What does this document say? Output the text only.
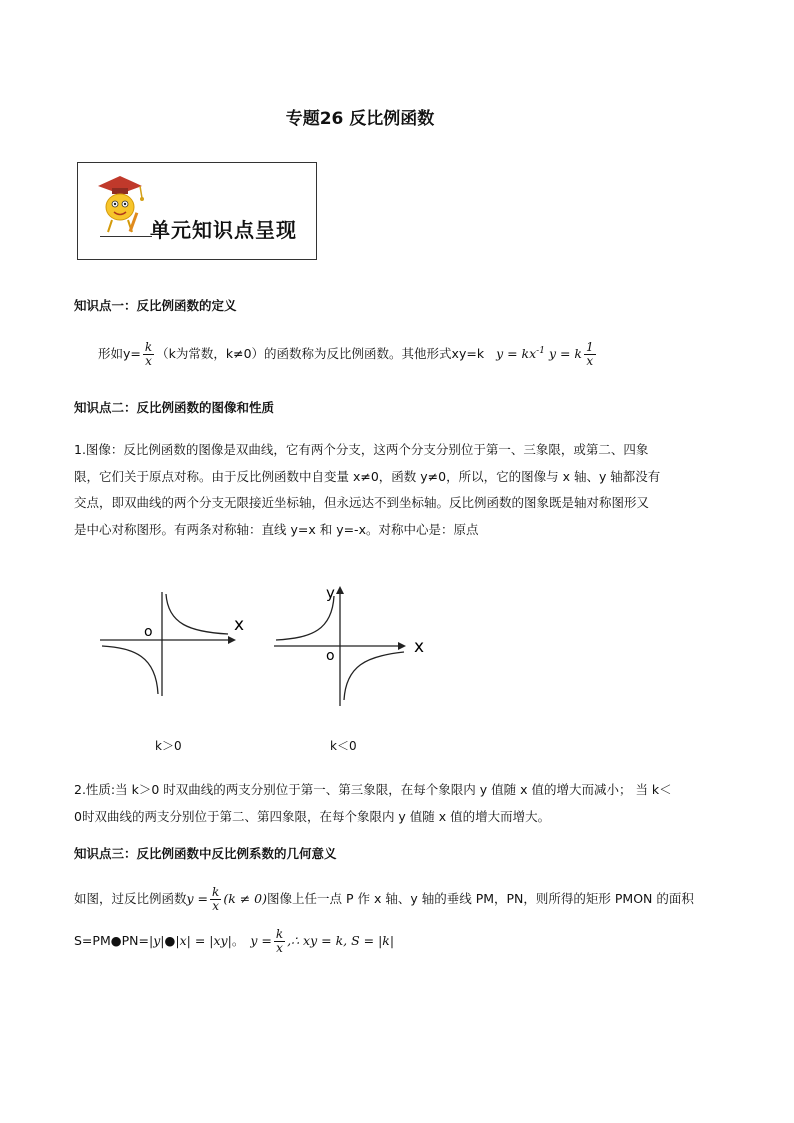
专题26 反比例函数
单元知识点呈现
知识点一：反比例函数的定义
形如$y= \frac{k}{x} (k$为常数，k≠0）的函数称为反比例函数。其他形式xy=k $y = kx^{-1}$ y = k $\frac{1}{x}$
知识点二：反比例函数的图像和性质
1.图像：反比例函数的图像是双曲线，它有两个分支，这两个分支分别位于第一、三象限，或第二、四象
限，它们关于原点对称。由于反比例函数中自变量 x≠0，函数 y≠0，所以，它的图像与 x 轴、y 轴都没有
交点，即双曲线的两个分支无限接近坐标轴，但永远达不到坐标轴。反比例函数的图象既是轴对称图形又
是中心对称图形。有两条对称轴：直线 y=x 和 y=-x。对称中心是：原点
o	x
k＞0
y
o	x
k＜0
2.性质:当 k＞0 时双曲线的两支分别位于第一、第三象限，在每个象限内 y 值随 x 值的增大而减小； 当 k＜
0时双曲线的两支分别位于第二、第四象限，在每个象限内 y 值随 x 值的增大而增大。
知识点三：反比例函数中反比例系数的几何意义
如图，过反比例函数$y = \frac{k}{x} (k \ne 0)$图像上任一点 P 作 x 轴、y 轴的垂线 PM，PN，则所得的矩形 PMON 的面积
S=PM●PN=|y|●|x| = |xy|。 $y = \frac{k}{x}$ ,∴ xy = k, S = |k|
